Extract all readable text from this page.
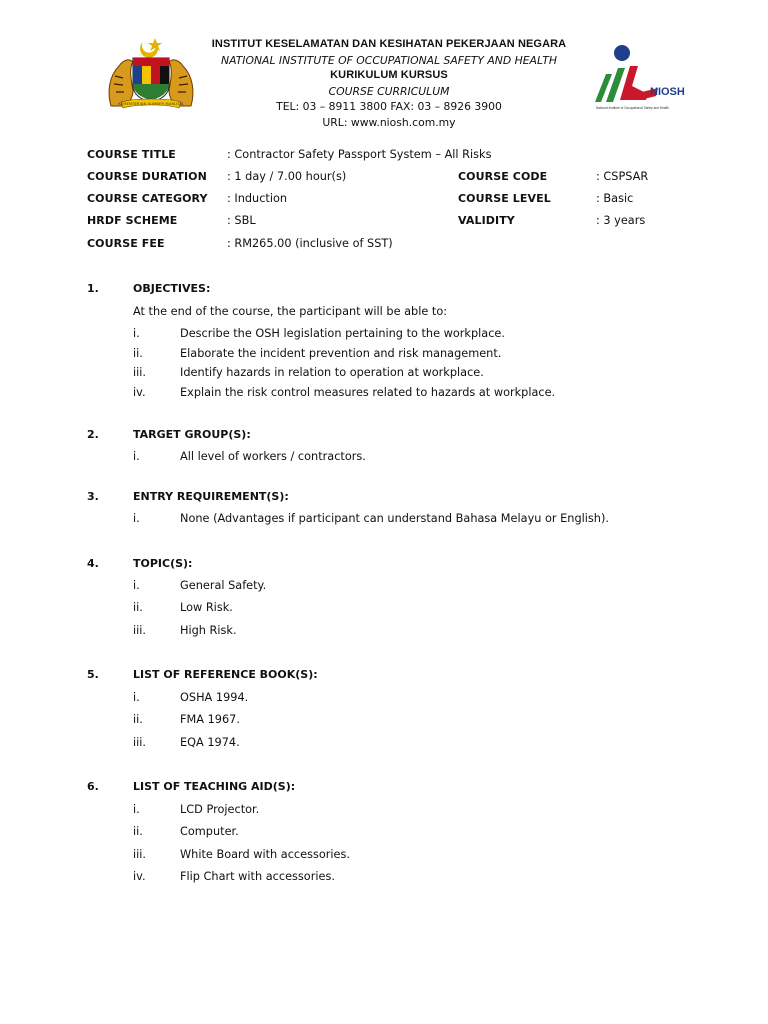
KEMENTERIAN SUMBER MANUSIA
INSTITUT KESELAMATAN DAN KESIHATAN PEKERJAAN NEGARA
NATIONAL INSTITUTE OF OCCUPATIONAL SAFETY AND HEALTH
KURIKULUM KURSUS
COURSE CURRICULUM
TEL: 03 – 8911 3800 FAX: 03 – 8926 3900
URL: www.niosh.com.my
NIOSH
National Institute of Occupational Safety and Health
COURSE TITLE	: Contractor Safety Passport System – All Risks
COURSE DURATION : 1 day / 7.00 hour(s)	COURSE CODE	: CSPSAR
COURSE CATEGORY : Induction	COURSE LEVEL	: Basic
HRDF SCHEME	: SBL	VALIDITY	: 3 years
COURSE FEE	: RM265.00 (inclusive of SST)
1.	OBJECTIVES:
At the end of the course, the participant will be able to:
i.	Describe the OSH legislation pertaining to the workplace.
ii.	Elaborate the incident prevention and risk management.
iii.	Identify hazards in relation to operation at workplace.
iv.	Explain the risk control measures related to hazards at workplace.
2.	TARGET GROUP(S):
i.	All level of workers / contractors.
3.	ENTRY REQUIREMENT(S):
i.	None (Advantages if participant can understand Bahasa Melayu or English).
4.	TOPIC(S):
i.	General Safety.
ii.	Low Risk.
iii.	High Risk.
5.	LIST OF REFERENCE BOOK(S):
i.	OSHA 1994.
ii.	FMA 1967.
iii.	EQA 1974.
6.	LIST OF TEACHING AID(S):
i.	LCD Projector.
ii.	Computer.
iii.	White Board with accessories.
iv.	Flip Chart with accessories.
